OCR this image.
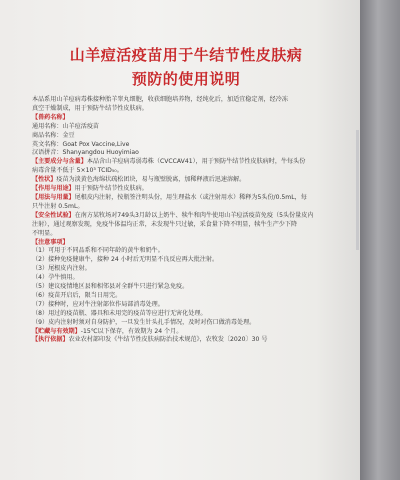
山羊痘活疫苗用于牛结节性皮肤病
预防的使用说明

本品系用山羊痘病毒株接种胎羊睾丸细胞，收获细胞培养物，经纯化后，加适宜稳定剂，经冷冻

真空干燥制成，用于预防牛结节性皮肤病。

【兽药名称】

通用名称：山羊痘活疫苗

商品名称：金豆

英文名称：Goat Pox Vaccine,Live

汉语拼音：Shanyangdou Huoyimiao

【主要成分与含量】本品含山羊痘病毒弱毒株（CVCCAV41），用于预防牛结节性皮肤病时，牛每头份

病毒含量不低于 5×10³ TCID₅₀。

【性状】疫苗为淡黄色海绵状疏松团块，易与瓶壁脱离，加稀释液后迅速溶解。

【作用与用途】用于预防牛结节性皮肤病。

【用法与用量】尾根皮内注射，按瓶签注明头份，用生理盐水（或注射用水）稀释为5头份/0.5mL，每

只牛注射 0.5mL。

【安全性试验】在南方某牧场对749头3月龄以上奶牛、犊牛和肉牛使用山羊痘活疫苗免疫（5头份量皮内

注射），通过观察发现，免疫牛体温均正常，未发现牛只过敏，采食量下降不明显，犊牛生产少下降

不明显。

【注意事项】

（1）可用于不同品系和不同年龄的黄牛和奶牛。

（2）接种免疫健康牛，接种 24 小时后无明显不良反应再大批注射。

（3）尾根皮内注射。

（4）孕牛慎用。

（5）建议疫情地区县和相邻县对全群牛只进行紧急免疫。

（6）疫苗开启后，限当日用完。

（7）接种时，应对牛注射部位作局部消毒处理。

（8）用过的疫苗瓶、器具和未用完的疫苗等应进行无害化处理。

（9）皮内注射时须对自身防护，一旦发生针头扎手情况，及时对伤口做消毒处理。

【贮藏与有效期】-15℃以下保存，有效期为 24 个月。

【执行依据】农业农村部印发《牛结节性皮肤病防治技术规范》，农牧发〔2020〕30 号
